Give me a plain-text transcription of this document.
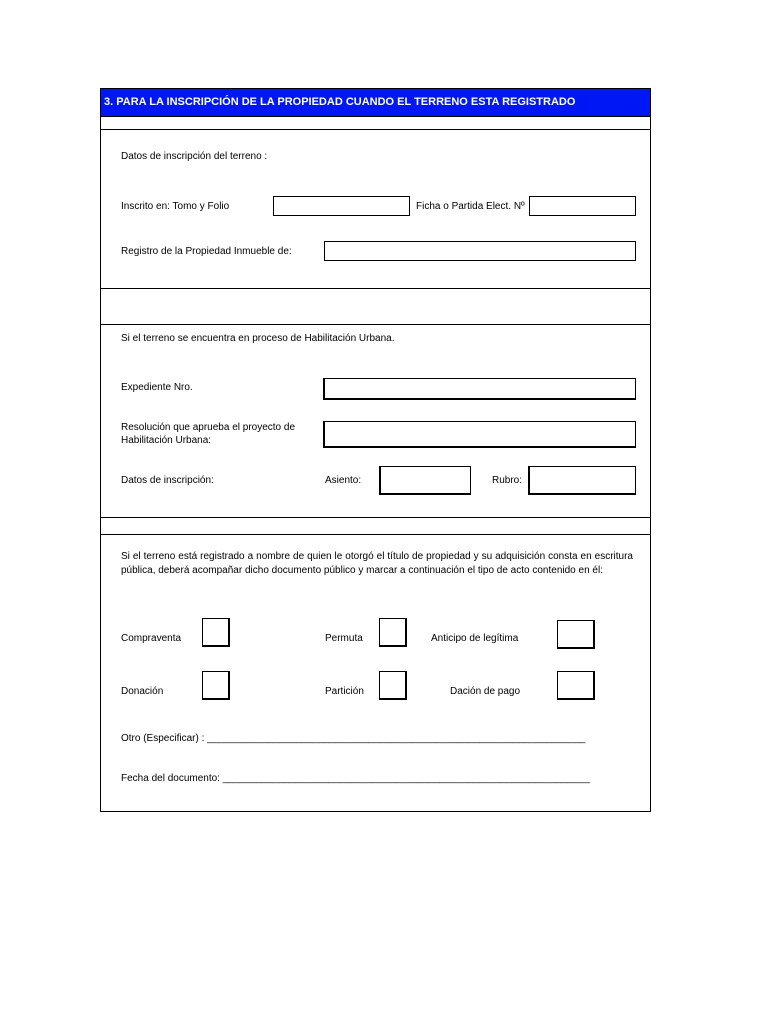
3. PARA LA INSCRIPCIÓN DE LA PROPIEDAD CUANDO EL TERRENO ESTA REGISTRADO
Datos de inscripción del terreno :
Inscrito en: Tomo y Folio	Ficha o Partida Elect. Nº
Registro de la Propiedad Inmueble de:
Si el terreno se encuentra en proceso de Habilitación Urbana.
Expediente Nro.
Resolución que aprueba el proyecto de
Habilitación Urbana:
Datos de inscripción:	Asiento:	Rubro:
Si el terreno está registrado a nombre de quien le otorgó el título de propiedad y su adquisición consta en escritura pública, deberá acompañar dicho documento público y marcar a continuación el tipo de acto contenido en él:
Compraventa	Permuta	Anticipo de legítima
Donación	Partición	Dación de pago
Otro (Especificar) : ____________________________________________________________________
Fecha del documento: __________________________________________________________________
